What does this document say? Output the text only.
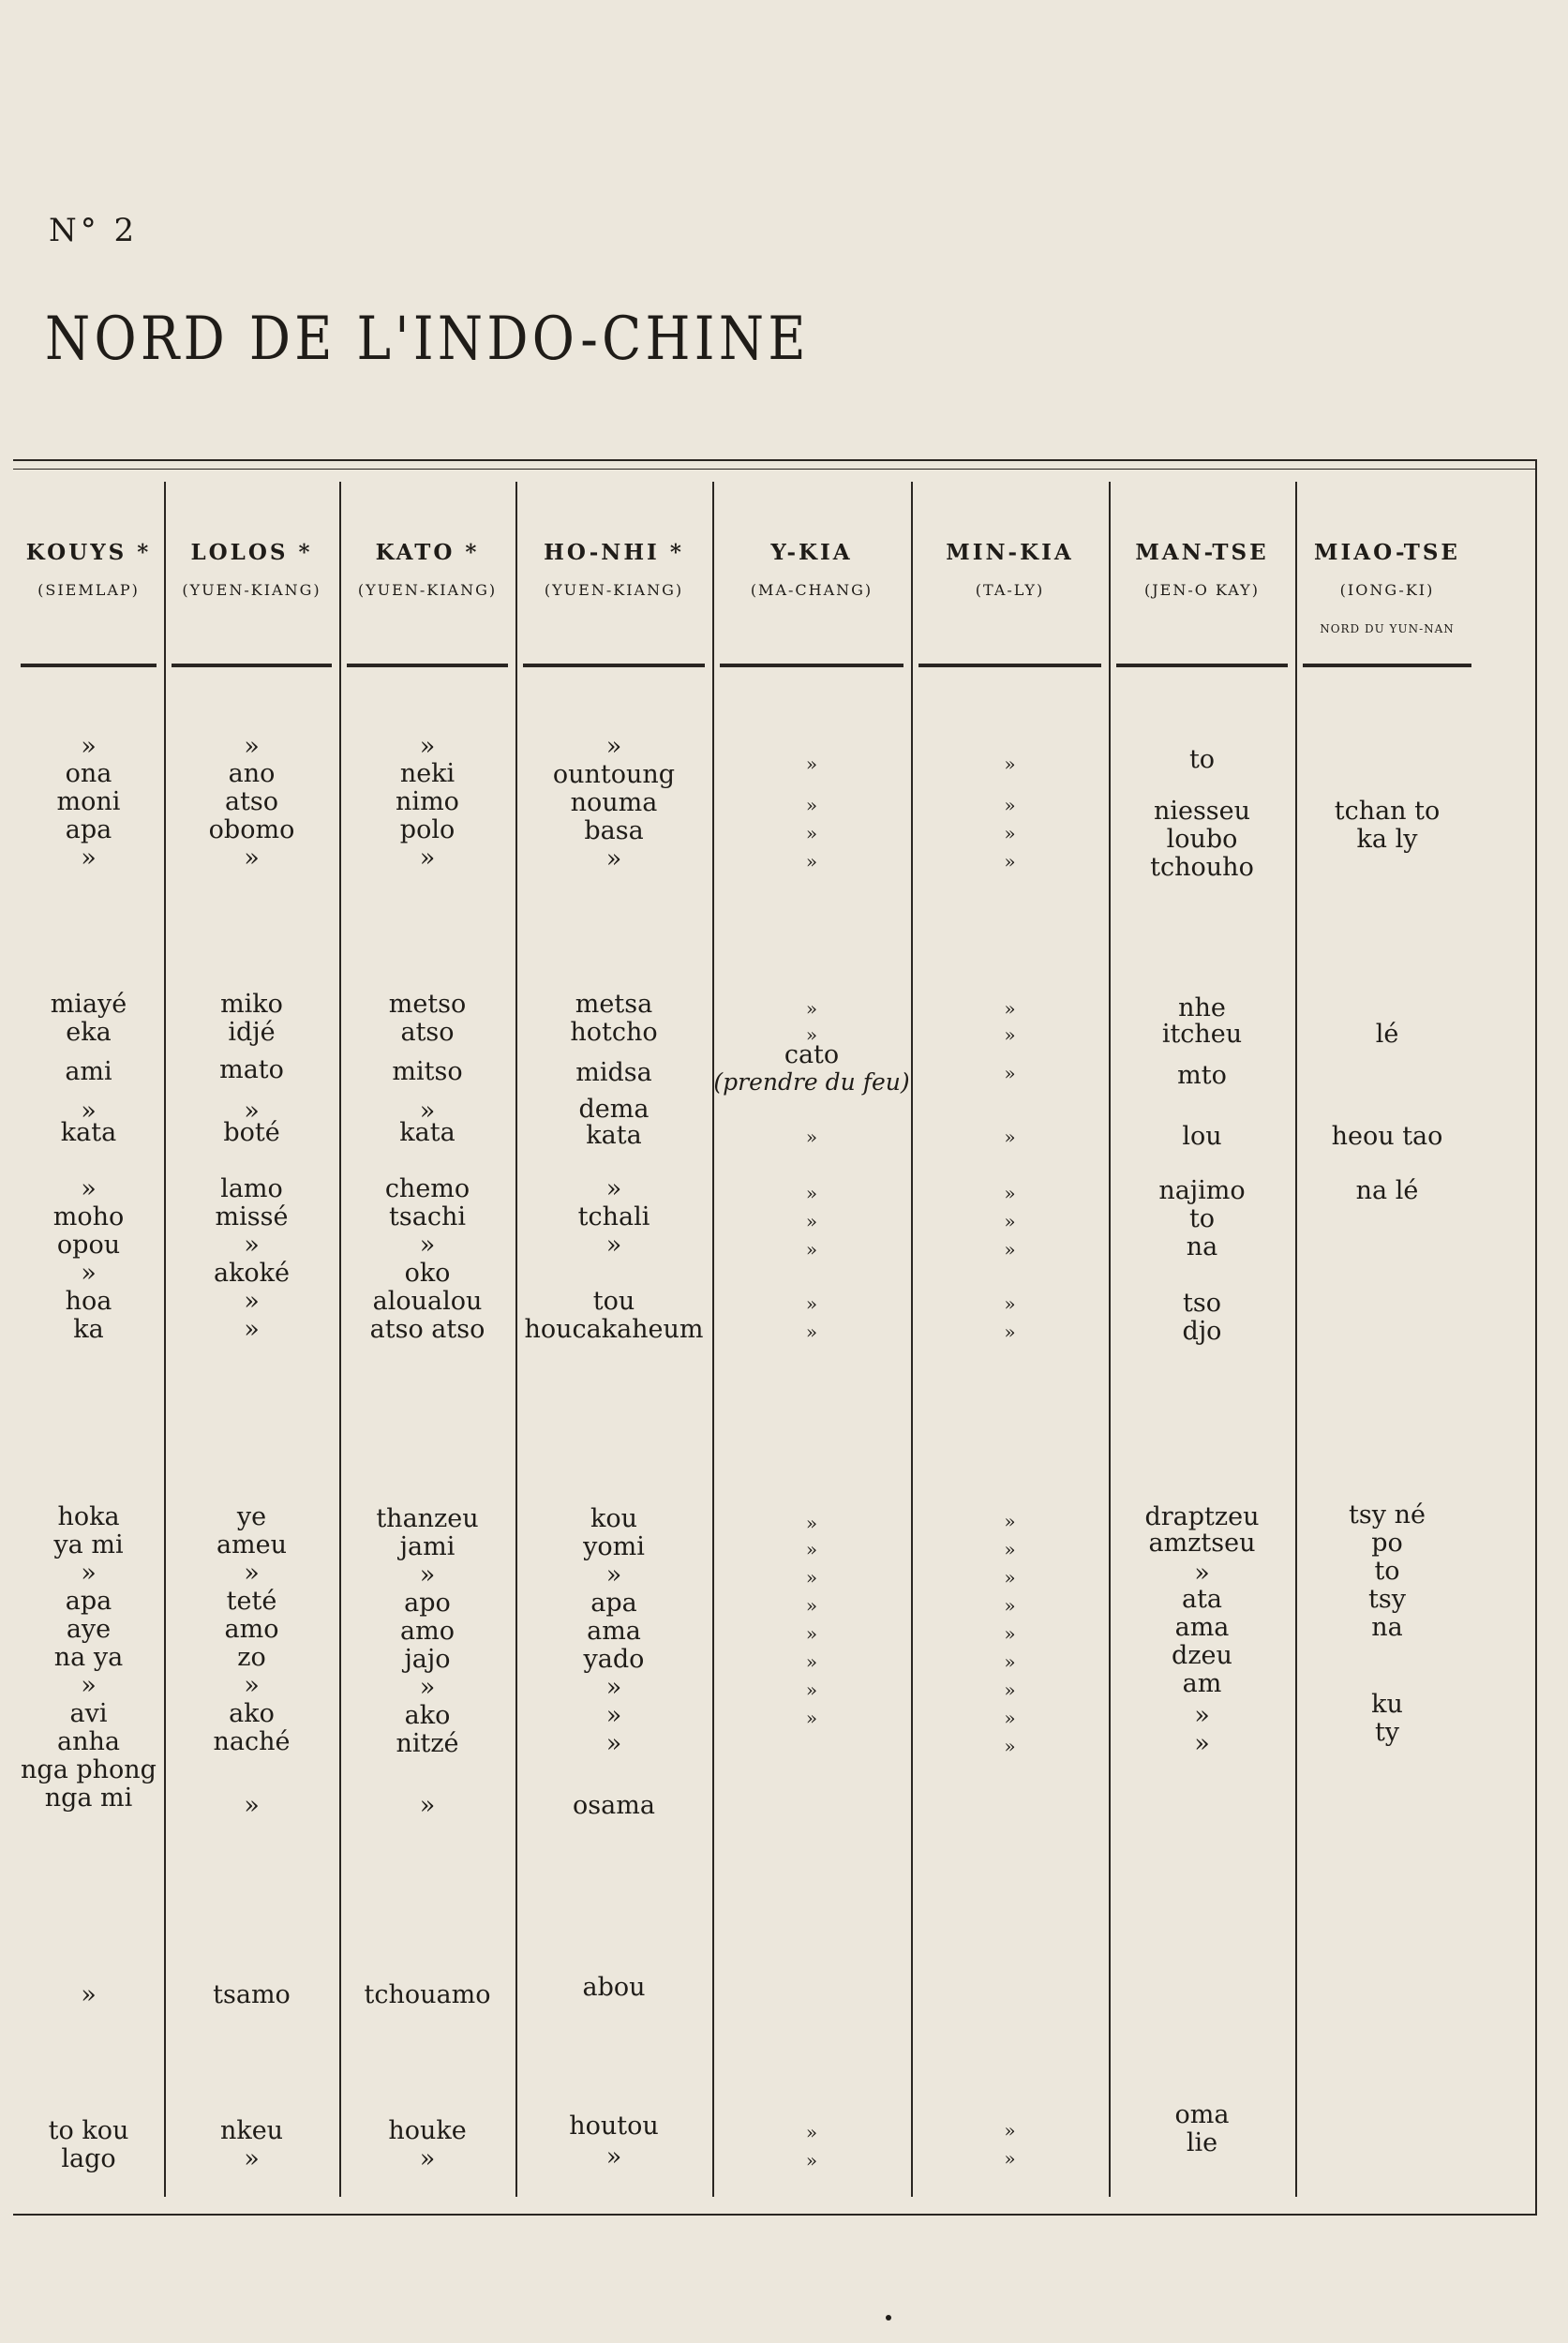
N° 2
NORD DE L'INDO-CHINE
KOUYS *
(SIEMLAP)
»
ona
moni
apa
»
miayé
eka
ami
»
kata
»
moho
opou
»
hoa
ka
hoka
ya mi
»
apa
aye
na ya
»
avi
anha
nga phong
nga mi
»
to kou
lago
LOLOS *
(YUEN-KIANG)
»
ano
atso
obomo
»
miko
idjé
mato
»
boté
lamo
missé
»
akoké
»
»
ye
ameu
»
teté
amo
zo
»
ako
naché
»
tsamo
nkeu
»
KATO *
(YUEN-KIANG)
»
neki
nimo
polo
»
metso
atso
mitso
»
kata
chemo
tsachi
»
oko
aloualou
atso atso
thanzeu
jami
»
apo
amo
jajo
»
ako
nitzé
»
tchouamo
houke
»
HO-NHI *
(YUEN-KIANG)
»
ountoung
nouma
basa
»
metsa
hotcho
midsa
dema
kata
»
tchali
»
tou
houcakaheum
kou
yomi
»
apa
ama
yado
»
»
»
osama
abou
houtou
»
Y-KIA
(MA-CHANG)
»
»
»
»
»
»
cato
(prendre du feu)
»
»
»
»
»
»
»
»
»
»
»
»
»
»
»
»
MIN-KIA
(TA-LY)
»
»
»
»
»
»
»
»
»
»
»
»
»
»
»
»
»
»
»
»
»
»
»
»
MAN-TSE
(JEN-O KAY)
to
niesseu
loubo
tchouho
nhe
itcheu
mto
lou
najimo
to
na
tso
djo
draptzeu
amztseu
»
ata
ama
dzeu
am
»
»
oma
lie
MIAO-TSE
(IONG-KI)
NORD DU YUN-NAN
tchan to
ka ly
lé
heou tao
na lé
tsy né
po
to
tsy
na
ku
ty
